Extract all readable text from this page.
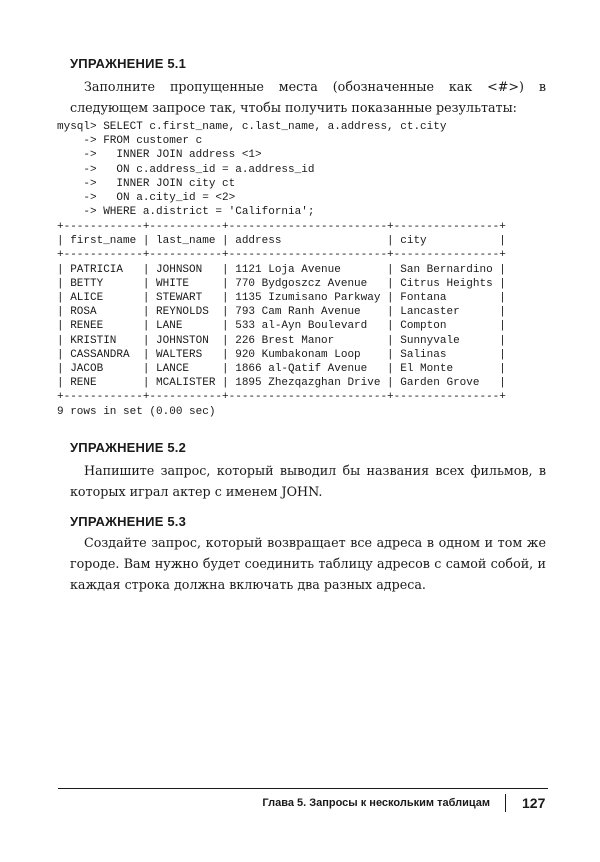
УПРАЖНЕНИЕ 5.1
Заполните пропущенные места (обозначенные как <#>) в следующем запросе так, чтобы получить показанные результаты:
mysql> SELECT c.first_name, c.last_name, a.address, ct.city
-> FROM customer c
->   INNER JOIN address <1>
->   ON c.address_id = a.address_id
->   INNER JOIN city ct
->   ON a.city_id = <2>
-> WHERE a.district = 'California';
+------------+-----------+------------------------+----------------+
| first_name | last_name | address                | city           |
+------------+-----------+------------------------+----------------+
| PATRICIA   | JOHNSON   | 1121 Loja Avenue       | San Bernardino |
| BETTY      | WHITE     | 770 Bydgoszcz Avenue   | Citrus Heights |
| ALICE      | STEWART   | 1135 Izumisano Parkway | Fontana        |
| ROSA       | REYNOLDS  | 793 Cam Ranh Avenue    | Lancaster      |
| RENEE      | LANE      | 533 al-Ayn Boulevard   | Compton        |
| KRISTIN    | JOHNSTON  | 226 Brest Manor        | Sunnyvale      |
| CASSANDRA  | WALTERS   | 920 Kumbakonam Loop    | Salinas        |
| JACOB      | LANCE     | 1866 al-Qatif Avenue   | El Monte       |
| RENE       | MCALISTER | 1895 Zhezqazghan Drive | Garden Grove   |
+------------+-----------+------------------------+----------------+
9 rows in set (0.00 sec)
УПРАЖНЕНИЕ 5.2
Напишите запрос, который выводил бы названия всех фильмов, в которых играл актер с именем JOHN.
УПРАЖНЕНИЕ 5.3
Создайте запрос, который возвращает все адреса в одном и том же городе. Вам нужно будет соединить таблицу адресов с самой собой, и каждая строка должна включать два разных адреса.
Глава 5. Запросы к нескольким таблицам 127
